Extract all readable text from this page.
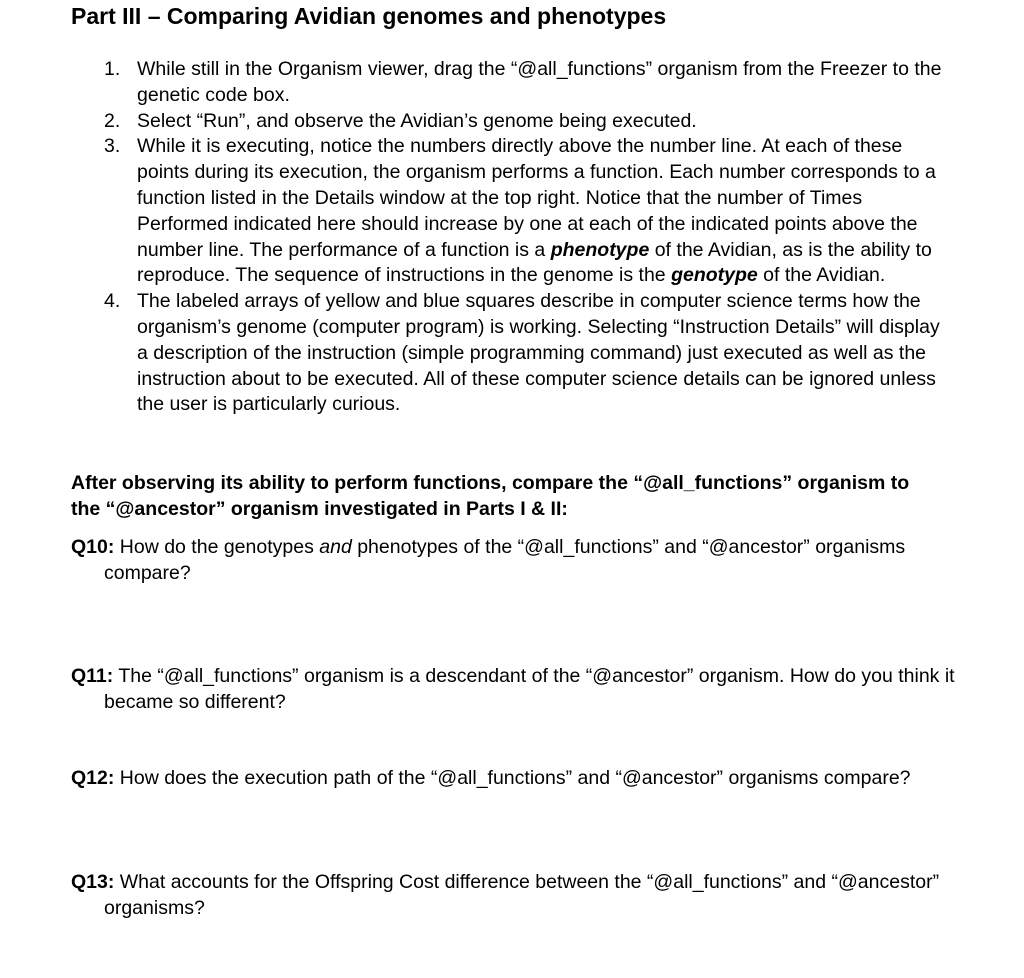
Part III – Comparing Avidian genomes and phenotypes
1. While still in the Organism viewer, drag the “@all_functions” organism from the Freezer to the genetic code box.
2. Select “Run”, and observe the Avidian’s genome being executed.
3. While it is executing, notice the numbers directly above the number line. At each of these points during its execution, the organism performs a function. Each number corresponds to a function listed in the Details window at the top right. Notice that the number of Times Performed indicated here should increase by one at each of the indicated points above the number line. The performance of a function is a phenotype of the Avidian, as is the ability to reproduce. The sequence of instructions in the genome is the genotype of the Avidian.
4. The labeled arrays of yellow and blue squares describe in computer science terms how the organism’s genome (computer program) is working. Selecting “Instruction Details” will display a description of the instruction (simple programming command) just executed as well as the instruction about to be executed. All of these computer science details can be ignored unless the user is particularly curious.

After observing its ability to perform functions, compare the “@all_functions” organism to the “@ancestor” organism investigated in Parts I & II:

Q10: How do the genotypes and phenotypes of the “@all_functions” and “@ancestor” organisms compare?

Q11: The “@all_functions” organism is a descendant of the “@ancestor” organism. How do you think it became so different?

Q12: How does the execution path of the “@all_functions” and “@ancestor” organisms compare?

Q13: What accounts for the Offspring Cost difference between the “@all_functions” and “@ancestor” organisms?
